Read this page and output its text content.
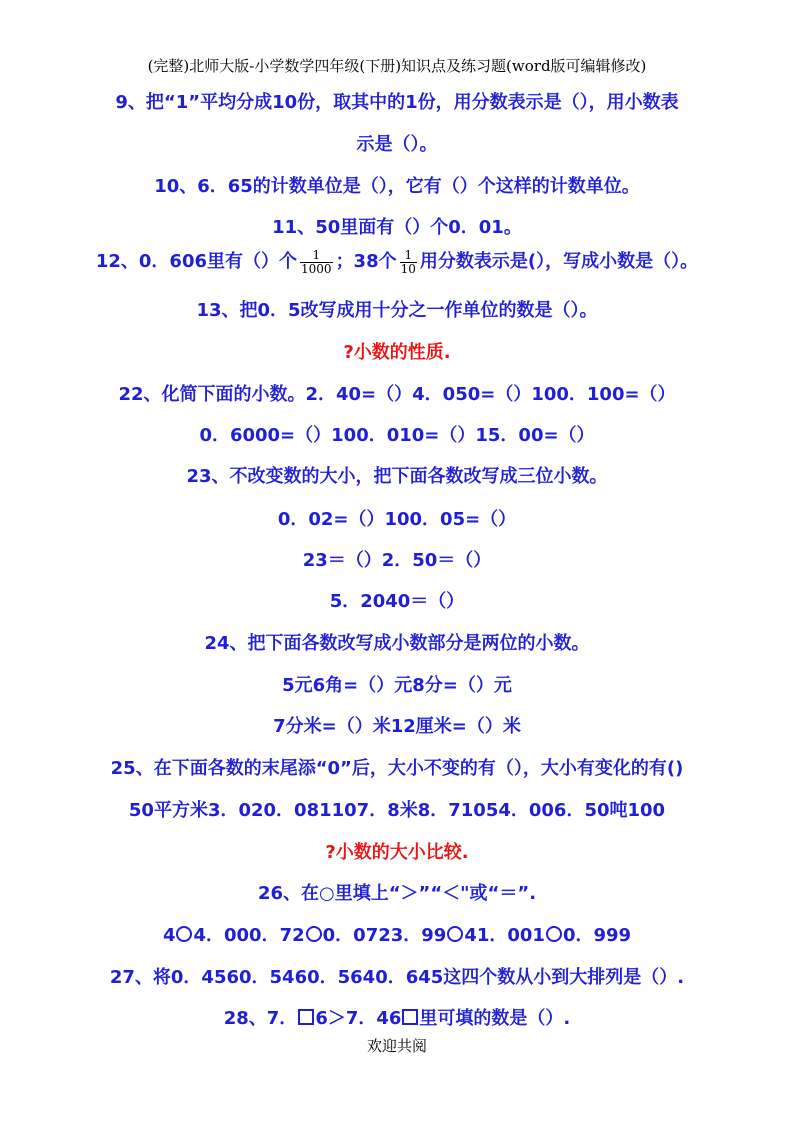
(完整)北师大版-小学数学四年级(下册)知识点及练习题(word版可编辑修改)
9、把“1”平均分成10份，取其中的1份，用分数表示是（），用小数表
示是（）。
10、6．65的计数单位是（），它有（）个这样的计数单位。
11、50里面有（）个0．01。
12、0．606里有（）个 $\frac{1}{1000}$ ；38个 $\frac{1}{10}$ 用分数表示是(），写成小数是（）。
13、把0．5改写成用十分之一作单位的数是（）。
?小数的性质.
22、化简下面的小数。2．40=（）4．050=（）100．100=（）
0．6000=（）100．010=（）15．00=（）
23、不改变数的大小，把下面各数改写成三位小数。
0．02=（）100．05=（）
23＝（）2．50＝（）
5．2040＝（）
24、把下面各数改写成小数部分是两位的小数。
5元6角=（）元8分=（）元
7分米=（）米12厘米=（）米
25、在下面各数的末尾添“0”后，大小不变的有（），大小有变化的有()
50平方米3．020．081107．8米8．71054．006．50吨100
?小数的大小比较.
26、在○里填上“＞”“＜"或“＝”.
4 4．000．72 0．0723．99 41．001 0．999
27、将0．4560．5460．5640．645这四个数从小到大排列是（）.
28、7． 6＞7．46 里可填的数是（）.
欢迎共阅
